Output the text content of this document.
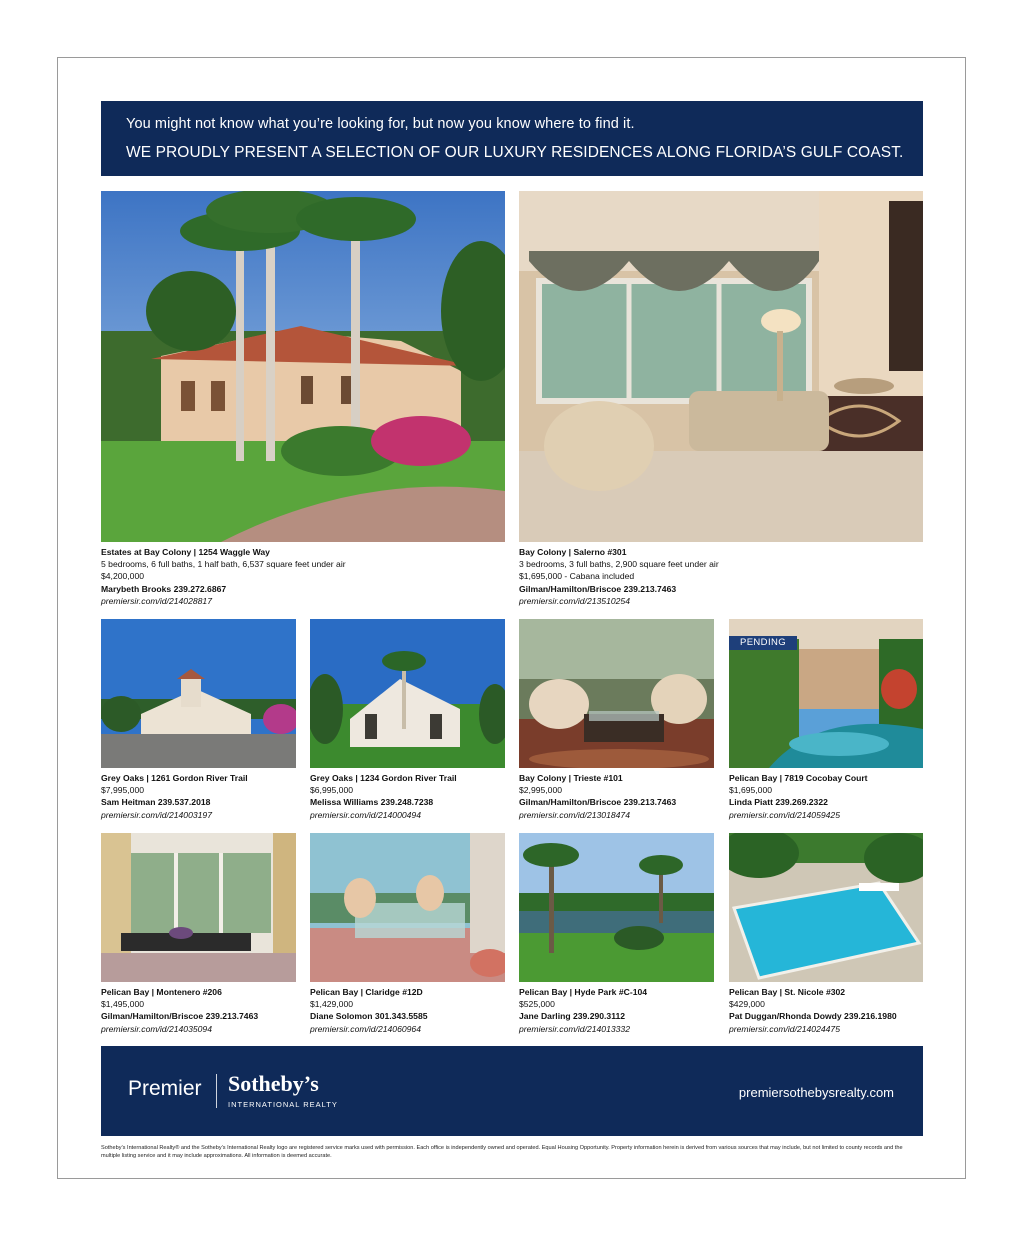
You might not know what you’re looking for, but now you know where to find it.
WE PROUDLY PRESENT A SELECTION OF OUR LUXURY RESIDENCES ALONG FLORIDA’S GULF COAST.
Estates at Bay Colony | 1254 Waggle Way
5 bedrooms, 6 full baths, 1 half bath, 6,537 square feet under air
$4,200,000
Marybeth Brooks 239.272.6867
premiersir.com/id/214028817
Bay Colony | Salerno #301
3 bedrooms, 3 full baths, 2,900 square feet under air
$1,695,000 - Cabana included
Gilman/Hamilton/Briscoe 239.213.7463
premiersir.com/id/213510254
PENDING
Grey Oaks | 1261 Gordon River Trail
$7,995,000
Sam Heitman 239.537.2018
premiersir.com/id/214003197
Grey Oaks | 1234 Gordon River Trail
$6,995,000
Melissa Williams 239.248.7238
premiersir.com/id/214000494
Bay Colony | Trieste #101
$2,995,000
Gilman/Hamilton/Briscoe 239.213.7463
premiersir.com/id/213018474
Pelican Bay | 7819 Cocobay Court
$1,695,000
Linda Piatt 239.269.2322
premiersir.com/id/214059425
Pelican Bay | Montenero #206
$1,495,000
Gilman/Hamilton/Briscoe 239.213.7463
premiersir.com/id/214035094
Pelican Bay | Claridge #12D
$1,429,000
Diane Solomon 301.343.5585
premiersir.com/id/214060964
Pelican Bay | Hyde Park #C-104
$525,000
Jane Darling 239.290.3112
premiersir.com/id/214013332
Pelican Bay | St. Nicole #302
$429,000
Pat Duggan/Rhonda Dowdy 239.216.1980
premiersir.com/id/214024475
Premier Sotheby’s
INTERNATIONAL REALTY
premiersothebysrealty.com
Sotheby’s International Realty® and the Sotheby’s International Realty logo are registered service marks used with permission. Each office is independently owned and operated. Equal Housing Opportunity. Property information herein is derived from various sources that may include, but not limited to county records and the multiple listing service and it may include approximations. All information is deemed accurate.
